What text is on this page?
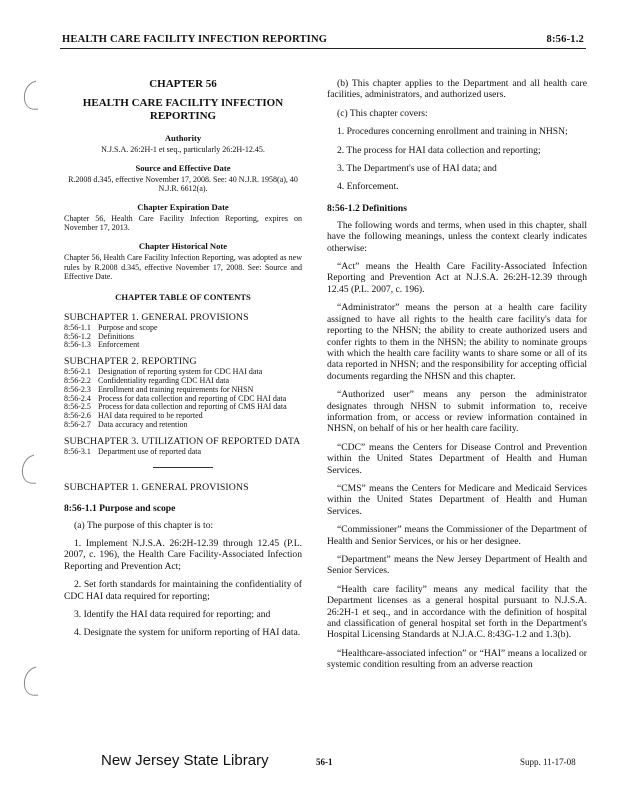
HEALTH CARE FACILITY INFECTION REPORTING	8:56-1.2
CHAPTER 56
HEALTH CARE FACILITY INFECTION REPORTING
Authority
N.J.S.A. 26:2H-1 et seq., particularly 26:2H-12.45.
Source and Effective Date
R.2008 d.345, effective November 17, 2008. See: 40 N.J.R. 1958(a), 40 N.J.R. 6612(a).
Chapter Expiration Date
Chapter 56, Health Care Facility Infection Reporting, expires on November 17, 2013.
Chapter Historical Note
Chapter 56, Health Care Facility Infection Reporting, was adopted as new rules by R.2008 d.345, effective November 17, 2008. See: Source and Effective Date.
CHAPTER TABLE OF CONTENTS
SUBCHAPTER 1. GENERAL PROVISIONS
8:56-1.1	Purpose and scope
8:56-1.2	Definitions
8:56-1.3	Enforcement
SUBCHAPTER 2. REPORTING
8:56-2.1	Designation of reporting system for CDC HAI data
8:56-2.2	Confidentiality regarding CDC HAI data
8:56-2.3	Enrollment and training requirements for NHSN
8:56-2.4	Process for data collection and reporting of CDC HAI data
8:56-2.5	Process for data collection and reporting of CMS HAI data
8:56-2.6	HAI data required to be reported
8:56-2.7	Data accuracy and retention
SUBCHAPTER 3. UTILIZATION OF REPORTED DATA
8:56-3.1	Department use of reported data
SUBCHAPTER 1. GENERAL PROVISIONS
8:56-1.1 Purpose and scope

(a) The purpose of this chapter is to:

1. Implement N.J.S.A. 26:2H-12.39 through 12.45 (P.L. 2007, c. 196), the Health Care Facility-Associated Infection Reporting and Prevention Act;

2. Set forth standards for maintaining the confidentiality of CDC HAI data required for reporting;

3. Identify the HAI data required for reporting; and

4. Designate the system for uniform reporting of HAI data.

(b) This chapter applies to the Department and all health care facilities, administrators, and authorized users.

(c) This chapter covers:

1. Procedures concerning enrollment and training in NHSN;

2. The process for HAI data collection and reporting;

3. The Department's use of HAI data; and

4. Enforcement.

8:56-1.2 Definitions

The following words and terms, when used in this chapter, shall have the following meanings, unless the context clearly indicates otherwise:

“Act” means the Health Care Facility-Associated Infection Reporting and Prevention Act at N.J.S.A. 26:2H-12.39 through 12.45 (P.L. 2007, c. 196).

“Administrator” means the person at a health care facility assigned to have all rights to the health care facility's data for reporting to the NHSN; the ability to create authorized users and confer rights to them in the NHSN; the ability to nominate groups with which the health care facility wants to share some or all of its data reported in NHSN; and the responsibility for accepting official documents regarding the NHSN and this chapter.

“Authorized user” means any person the administrator designates through NHSN to submit information to, receive information from, or access or review information contained in NHSN, on behalf of his or her health care facility.

“CDC” means the Centers for Disease Control and Prevention within the United States Department of Health and Human Services.

“CMS” means the Centers for Medicare and Medicaid Services within the United States Department of Health and Human Services.

“Commissioner” means the Commissioner of the Department of Health and Senior Services, or his or her designee.

“Department” means the New Jersey Department of Health and Senior Services.

“Health care facility” means any medical facility that the Department licenses as a general hospital pursuant to N.J.S.A. 26:2H-1 et seq., and in accordance with the definition of hospital and classification of general hospital set forth in the Department's Hospital Licensing Standards at N.J.A.C. 8:43G-1.2 and 1.3(b).

“Healthcare-associated infection” or “HAI” means a localized or systemic condition resulting from an adverse reaction

New Jersey State Library	56-1	Supp. 11-17-08
